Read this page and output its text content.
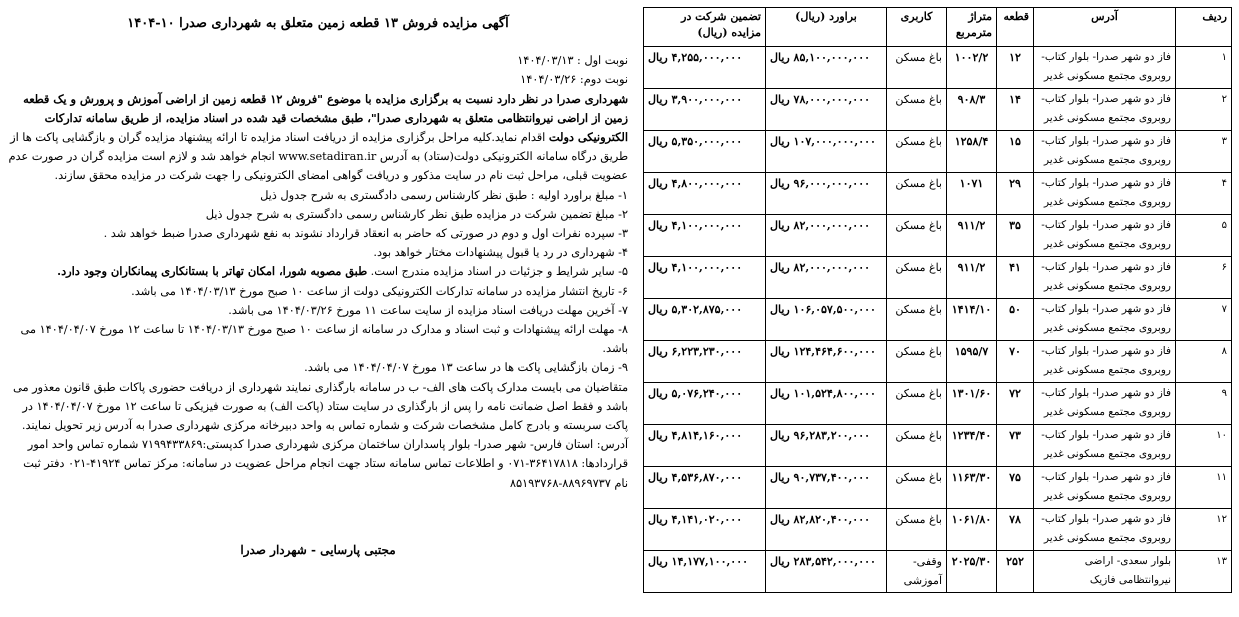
ردیف	آدرس	قطعه	متراژ مترمربع	کاربری	براورد (ریال)	تضمین شرکت در مزایده (ریال)
۱	فاز دو شهر صدرا- بلوار کتاب- روبروی مجتمع مسکونی غدیر	۱۲	۱۰۰۲/۲	باغ مسکن	۸۵,۱۰۰,۰۰۰,۰۰۰ ریال	۴,۲۵۵,۰۰۰,۰۰۰ ریال
۲	فاز دو شهر صدرا- بلوار کتاب- روبروی مجتمع مسکونی غدیر	۱۴	۹۰۸/۳	باغ مسکن	۷۸,۰۰۰,۰۰۰,۰۰۰ ریال	۳,۹۰۰,۰۰۰,۰۰۰ ریال
۳	فاز دو شهر صدرا- بلوار کتاب- روبروی مجتمع مسکونی غدیر	۱۵	۱۲۵۸/۴	باغ مسکن	۱۰۷,۰۰۰,۰۰۰,۰۰۰ ریال	۵,۳۵۰,۰۰۰,۰۰۰ ریال
۴	فاز دو شهر صدرا- بلوار کتاب- روبروی مجتمع مسکونی غدیر	۲۹	۱۰۷۱	باغ مسکن	۹۶,۰۰۰,۰۰۰,۰۰۰ ریال	۴,۸۰۰,۰۰۰,۰۰۰ ریال
۵	فاز دو شهر صدرا- بلوار کتاب- روبروی مجتمع مسکونی غدیر	۳۵	۹۱۱/۲	باغ مسکن	۸۲,۰۰۰,۰۰۰,۰۰۰ ریال	۴,۱۰۰,۰۰۰,۰۰۰ ریال
۶	فاز دو شهر صدرا- بلوار کتاب- روبروی مجتمع مسکونی غدیر	۴۱	۹۱۱/۲	باغ مسکن	۸۲,۰۰۰,۰۰۰,۰۰۰ ریال	۴,۱۰۰,۰۰۰,۰۰۰ ریال
۷	فاز دو شهر صدرا- بلوار کتاب- روبروی مجتمع مسکونی غدیر	۵۰	۱۴۱۴/۱۰	باغ مسکن	۱۰۶,۰۵۷,۵۰۰,۰۰۰ ریال	۵,۳۰۲,۸۷۵,۰۰۰ ریال
۸	فاز دو شهر صدرا- بلوار کتاب- روبروی مجتمع مسکونی غدیر	۷۰	۱۵۹۵/۷	باغ مسکن	۱۲۴,۴۶۴,۶۰۰,۰۰۰ ریال	۶,۲۲۳,۲۳۰,۰۰۰ ریال
۹	فاز دو شهر صدرا- بلوار کتاب- روبروی مجتمع مسکونی غدیر	۷۲	۱۳۰۱/۶۰	باغ مسکن	۱۰۱,۵۲۴,۸۰۰,۰۰۰ ریال	۵,۰۷۶,۲۴۰,۰۰۰ ریال
۱۰	فاز دو شهر صدرا- بلوار کتاب- روبروی مجتمع مسکونی غدیر	۷۳	۱۲۳۴/۴۰	باغ مسکن	۹۶,۲۸۳,۲۰۰,۰۰۰ ریال	۴,۸۱۴,۱۶۰,۰۰۰ ریال
۱۱	فاز دو شهر صدرا- بلوار کتاب- روبروی مجتمع مسکونی غدیر	۷۵	۱۱۶۳/۳۰	باغ مسکن	۹۰,۷۳۷,۴۰۰,۰۰۰ ریال	۴,۵۳۶,۸۷۰,۰۰۰ ریال
۱۲	فاز دو شهر صدرا- بلوار کتاب- روبروی مجتمع مسکونی غدیر	۷۸	۱۰۶۱/۸۰	باغ مسکن	۸۲,۸۲۰,۴۰۰,۰۰۰ ریال	۴,۱۴۱,۰۲۰,۰۰۰ ریال
۱۳	بلوار سعدی- اراضی نیروانتظامی فازیک	۲۵۲	۲۰۲۵/۳۰	وقفی- آموزشی	۲۸۳,۵۴۲,۰۰۰,۰۰۰ ریال	۱۴,۱۷۷,۱۰۰,۰۰۰ ریال
آگهی مزایده فروش ۱۳ قطعه زمین متعلق به شهرداری صدرا ۱۰-۱۴۰۴

نوبت اول : ۱۴۰۴/۰۳/۱۳

نوبت دوم: ۱۴۰۴/۰۳/۲۶

شهرداری صدرا در نظر دارد نسبت به برگزاری مزایده با موضوع "فروش ۱۲ قطعه زمین از اراضی آموزش و پرورش و یک قطعه زمین از اراضی نیروانتظامی متعلق به شهرداری صدرا"، طبق مشخصات قید شده در اسناد مزایده، از طریق سامانه تدارکات الکترونیکی دولت اقدام نماید.کلیه مراحل برگزاری مزایده از دریافت اسناد مزایده تا ارائه پیشنهاد مزایده گران و بازگشایی پاکت ها از طریق درگاه سامانه الکترونیکی دولت(ستاد) به آدرس www.setadiran.ir انجام خواهد شد و لازم است مزایده گران در صورت عدم عضویت قبلی، مراحل ثبت نام در سایت مذکور و دریافت گواهی امضای الکترونیکی را جهت شرکت در مزایده محقق سازند.

۱- مبلغ براورد اولیه : طبق نظر کارشناس رسمی دادگستری به شرح جدول ذیل

۲- مبلغ تضمین شرکت در مزایده طبق نظر کارشناس رسمی دادگستری به شرح جدول ذیل

۳- سپرده نفرات اول و دوم در صورتی که حاضر به انعقاد قرارداد نشوند به نفع شهرداری صدرا ضبط خواهد شد .

۴- شهرداری در رد یا قبول پیشنهادات مختار خواهد بود.

۵- سایر شرایط و جزئیات در اسناد مزایده مندرج است. طبق مصوبه شورا، امکان تهاتر با بستانکاری پیمانکاران وجود دارد.

۶- تاریخ انتشار مزایده در سامانه تدارکات الکترونیکی دولت از ساعت ۱۰ صبح مورخ ۱۴۰۴/۰۳/۱۳ می باشد.

۷- آخرین مهلت دریافت اسناد مزایده از سایت ساعت ۱۱ مورخ ۱۴۰۴/۰۳/۲۶ می باشد.

۸- مهلت ارائه پیشنهادات و ثبت اسناد و مدارک در سامانه از ساعت ۱۰ صبح مورخ ۱۴۰۴/۰۳/۱۳ تا ساعت ۱۲ مورخ ۱۴۰۴/۰۴/۰۷ می باشد.

۹- زمان بازگشایی پاکت ها در ساعت ۱۳ مورخ ۱۴۰۴/۰۴/۰۷ می باشد.

متقاضیان می بایست مدارک پاکت های الف- ب در سامانه بارگذاری نمایند شهرداری از دریافت حضوری پاکات طبق قانون معذور می باشد و فقط اصل ضمانت نامه را پس از بارگذاری در سایت ستاد (پاکت الف) به صورت فیزیکی تا ساعت ۱۲ مورخ ۱۴۰۴/۰۴/۰۷ در پاکت سربسته و بادرج کامل مشخصات شرکت و شماره تماس به واحد دبیرخانه مرکزی شهرداری صدرا به آدرس زیر تحویل نمایند.

آدرس: استان فارس- شهر صدرا- بلوار پاسداران ساختمان مرکزی شهرداری صدرا کدپستی:۷۱۹۹۴۳۳۸۶۹ شماره تماس واحد امور قراردادها: ۳۶۴۱۷۸۱۸-۰۷۱ و اطلاعات تماس سامانه ستاد جهت انجام مراحل عضویت در سامانه: مرکز تماس ۴۱۹۲۴-۰۲۱ دفتر ثبت نام ۸۸۹۶۹۷۳۷-۸۵۱۹۳۷۶۸

مجتبی پارسایی - شهردار صدرا
